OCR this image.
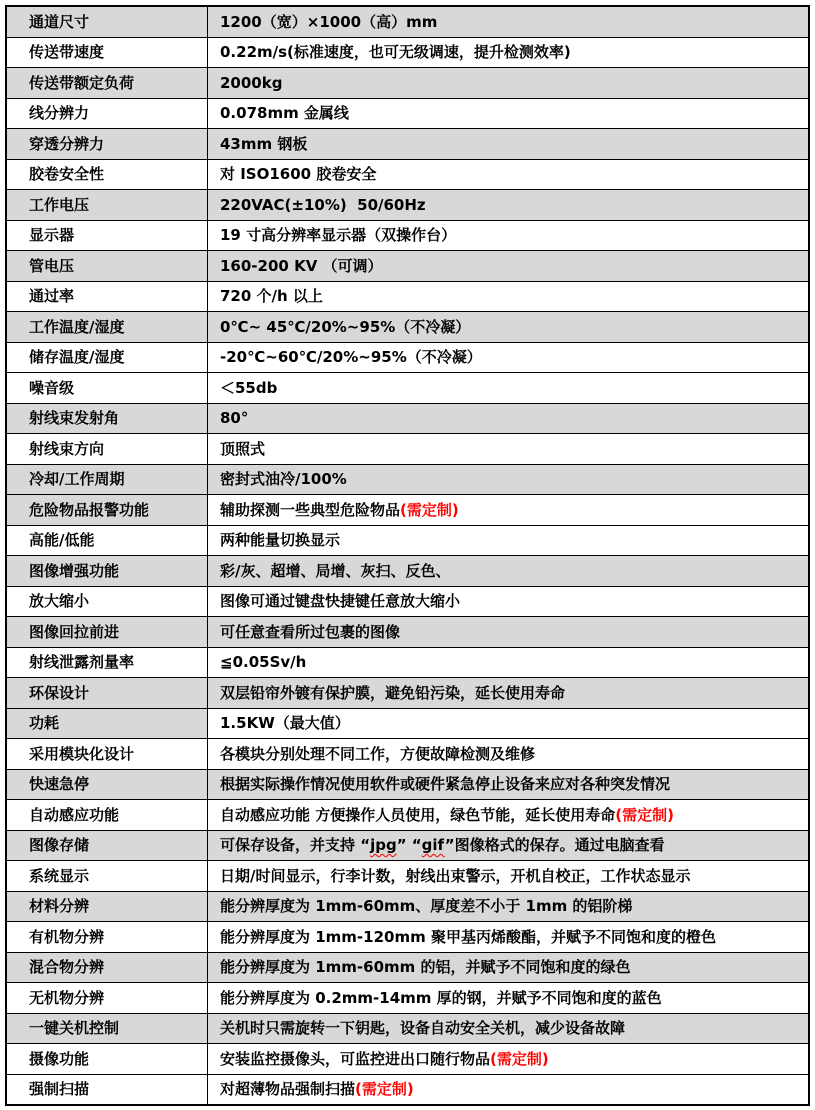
通道尺寸	1200（宽）×1000（高）mm
传送带速度	0.22m/s(标准速度，也可无级调速，提升检测效率)
传送带额定负荷	2000kg
线分辨力	0.078mm 金属线
穿透分辨力	43mm 钢板
胶卷安全性	对 ISO1600 胶卷安全
工作电压	220VAC(±10%)  50/60Hz
显示器	19 寸高分辨率显示器（双操作台）
管电压	160-200 KV （可调）
通过率	720 个/h 以上
工作温度/湿度	0℃~ 45℃/20%~95%（不冷凝）
储存温度/湿度	-20℃~60℃/20%~95%（不冷凝）
噪音级	＜55db
射线束发射角	80°
射线束方向	顶照式
冷却/工作周期	密封式油冷/100%
危险物品报警功能	辅助探测一些典型危险物品(需定制)
高能/低能	两种能量切换显示
图像增强功能	彩/灰、超增、局增、灰扫、反色、
放大缩小	图像可通过键盘快捷键任意放大缩小
图像回拉前进	可任意查看所过包裹的图像
射线泄露剂量率	≦0.05Sv/h
环保设计	双层铅帘外镀有保护膜，避免铅污染，延长使用寿命
功耗	1.5KW（最大值）
采用模块化设计	各模块分别处理不同工作，方便故障检测及维修
快速急停	根据实际操作情况使用软件或硬件紧急停止设备来应对各种突发情况
自动感应功能	自动感应功能 方便操作人员使用，绿色节能，延长使用寿命(需定制)
图像存储	可保存设备，并支持 “jpg” “gif”图像格式的保存。通过电脑查看
系统显示	日期/时间显示，行李计数，射线出束警示，开机自校正，工作状态显示
材料分辨	能分辨厚度为 1mm-60mm、厚度差不小于 1mm 的铝阶梯
有机物分辨	能分辨厚度为 1mm-120mm 聚甲基丙烯酸酯，并赋予不同饱和度的橙色
混合物分辨	能分辨厚度为 1mm-60mm 的铝，并赋予不同饱和度的绿色
无机物分辨	能分辨厚度为 0.2mm-14mm 厚的钢，并赋予不同饱和度的蓝色
一键关机控制	关机时只需旋转一下钥匙，设备自动安全关机，减少设备故障
摄像功能	安装监控摄像头，可监控进出口随行物品(需定制)
强制扫描	对超薄物品强制扫描(需定制)
